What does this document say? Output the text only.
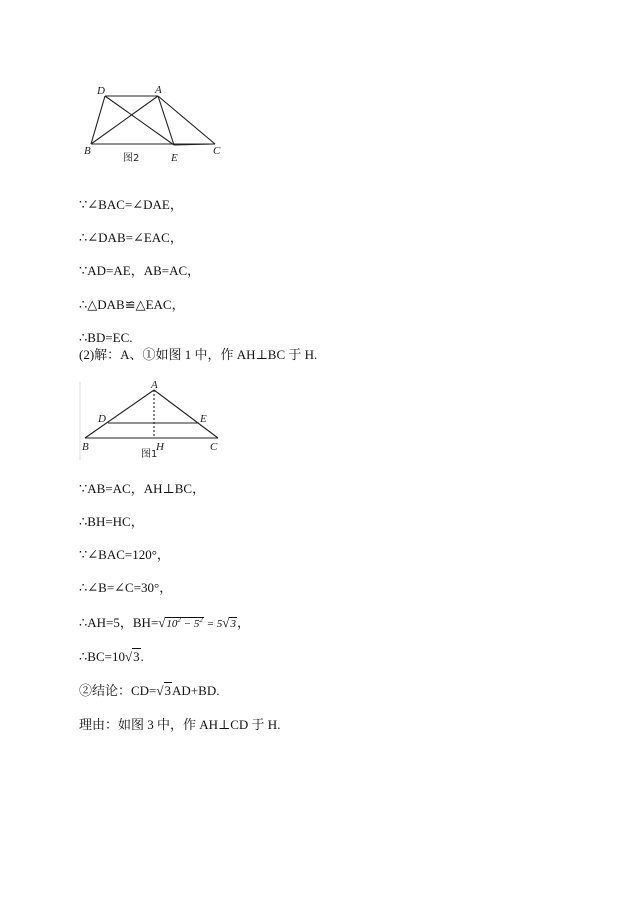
D	A
B
E
C
图2
∵∠BAC=∠DAE，
∴∠DAB=∠EAC，
∵AD=AE，AB=AC，
∴△DAB≌△EAC，
∴BD=EC.
(2)解：A、①如图 1 中，作 AH⊥BC 于 H.
A
D	E
B	H	C
图1
∵AB=AC，AH⊥BC，
∴BH=HC，
∵∠BAC=120°，
∴∠B=∠C=30°，
∴AH=5，$BH=√10^2 - 5^2 = 5√3$，
∴BC=10√3.
②结论：CD=√3AD+BD.
理由：如图 3 中，作 AH⊥CD 于 H.
